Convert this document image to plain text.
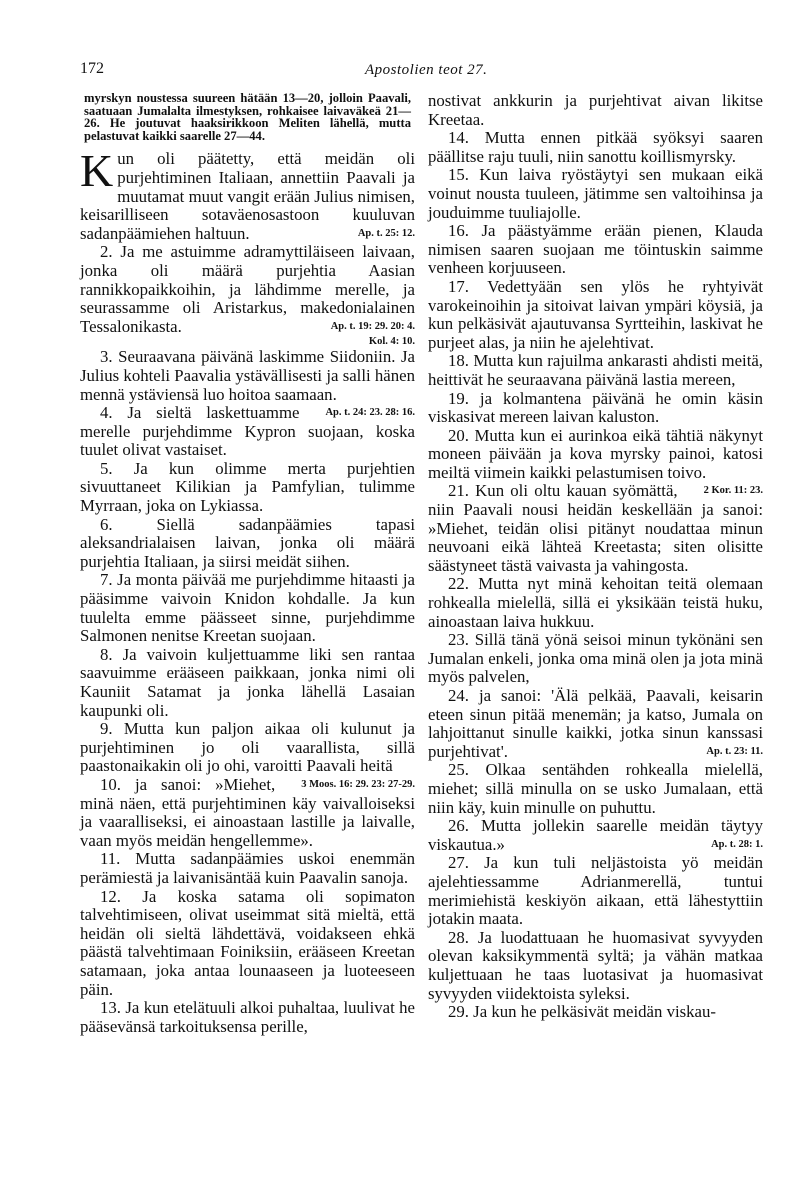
172	Apostolien teot 27.

myrskyn noustessa suureen hätään 13—20, jolloin Paavali, saatuaan Jumalalta ilmestyksen, rohkaisee laivaväkeä 21—26. He joutuvat haaksirikkoon Meliten lähellä, mutta pelastuvat kaikki saarelle 27—44.

Kun oli päätetty, että meidän oli purjehtiminen Italiaan, annettiin Paavali ja muutamat muut vangit erään Julius nimisen, keisarilliseen sotaväenosastoon kuuluvan sadanpäämiehen haltuun.	Ap. t. 25: 12.

2. Ja me astuimme adramyttiläiseen laivaan, jonka oli määrä purjehtia Aasian rannikkopaikkoihin, ja lähdimme merelle, ja seurassamme oli Aristarkus, makedonialainen Tessalonikasta.	Ap. t. 19: 29. 20: 4.

Kol. 4: 10.

3. Seuraavana päivänä laskimme Siidoniin. Ja Julius kohteli Paavalia ystävällisesti ja salli hänen mennä ystäviensä luo hoitoa saamaan.
Ap. t. 24: 23. 28: 16.

4. Ja sieltä laskettuamme merelle purjehdimme Kypron suojaan, koska tuulet olivat vastaiset.

5. Ja kun olimme merta purjehtien sivuuttaneet Kilikian ja Pamfylian, tulimme Myrraan, joka on Lykiassa.

6. Siellä sadanpäämies tapasi aleksandrialaisen laivan, jonka oli määrä purjehtia Italiaan, ja siirsi meidät siihen.

7. Ja monta päivää me purjehdimme hitaasti ja pääsimme vaivoin Knidon kohdalle. Ja kun tuulelta emme päässeet sinne, purjehdimme Salmonen nenitse Kreetan suojaan.

8. Ja vaivoin kuljettuamme liki sen rantaa saavuimme erääseen paikkaan, jonka nimi oli Kauniit Satamat ja jonka lähellä Lasaian kaupunki oli.

9. Mutta kun paljon aikaa oli kulunut ja purjehtiminen jo oli vaarallista, sillä paastonaikakin oli jo ohi, varoitti Paavali heitä
3 Moos. 16: 29. 23: 27-29.

10. ja sanoi: »Miehet, minä näen, että purjehtiminen käy vaivalloiseksi ja vaaralliseksi, ei ainoastaan lastille ja laivalle, vaan myös meidän hengellemme».

11. Mutta sadanpäämies uskoi enemmän perämiestä ja laivanisäntää kuin Paavalin sanoja.

12. Ja koska satama oli sopimaton talvehtimiseen, olivat useimmat sitä mieltä, että heidän oli sieltä lähdettävä, voidakseen ehkä päästä talvehtimaan Foiniksiin, erääseen Kreetan satamaan, joka antaa lounaaseen ja luoteeseen päin.

13. Ja kun etelätuuli alkoi puhaltaa, luulivat he pääsevänsä tarkoituksensa perille,

nostivat ankkurin ja purjehtivat aivan likitse Kreetaa.

14. Mutta ennen pitkää syöksyi saaren päällitse raju tuuli, niin sanottu koillismyrsky.

15. Kun laiva ryöstäytyi sen mukaan eikä voinut nousta tuuleen, jätimme sen valtoihinsa ja jouduimme tuuliajolle.

16. Ja päästyämme erään pienen, Klauda nimisen saaren suojaan me töintuskin saimme venheen korjuuseen.

17. Vedettyään sen ylös he ryhtyivät varokeinoihin ja sitoivat laivan ympäri köysiä, ja kun pelkäsivät ajautuvansa Syrtteihin, laskivat he purjeet alas, ja niin he ajelehtivat.

18. Mutta kun rajuilma ankarasti ahdisti meitä, heittivät he seuraavana päivänä lastia mereen,

19. ja kolmantena päivänä he omin käsin viskasivat mereen laivan kaluston.

20. Mutta kun ei aurinkoa eikä tähtiä näkynyt moneen päivään ja kova myrsky painoi, katosi meiltä viimein kaikki pelastumisen toivo.
2 Kor. 11: 23.

21. Kun oli oltu kauan syömättä, niin Paavali nousi heidän keskellään ja sanoi: »Miehet, teidän olisi pitänyt noudattaa minun neuvoani eikä lähteä Kreetasta; siten olisitte säästyneet tästä vaivasta ja vahingosta.

22. Mutta nyt minä kehoitan teitä olemaan rohkealla mielellä, sillä ei yksikään teistä huku, ainoastaan laiva hukkuu.

23. Sillä tänä yönä seisoi minun tykönäni sen Jumalan enkeli, jonka oma minä olen ja jota minä myös palvelen,

24. ja sanoi: 'Älä pelkää, Paavali, keisarin eteen sinun pitää menemän; ja katso, Jumala on lahjoittanut sinulle kaikki, jotka sinun kanssasi purjehtivat'.	Ap. t. 23: 11.

25. Olkaa sentähden rohkealla mielellä, miehet; sillä minulla on se usko Jumalaan, että niin käy, kuin minulle on puhuttu.

26. Mutta jollekin saarelle meidän täytyy viskautua.»	Ap. t. 28: 1.

27. Ja kun tuli neljästoista yö meidän ajelehtiessamme Adrianmerellä, tuntui merimiehistä keskiyön aikaan, että lähestyttiin jotakin maata.

28. Ja luodattuaan he huomasivat syvyyden olevan kaksikymmentä syltä; ja vähän matkaa kuljettuaan he taas luotasivat ja huomasivat syvyyden viidektoista syleksi.

29. Ja kun he pelkäsivät meidän viskau-
